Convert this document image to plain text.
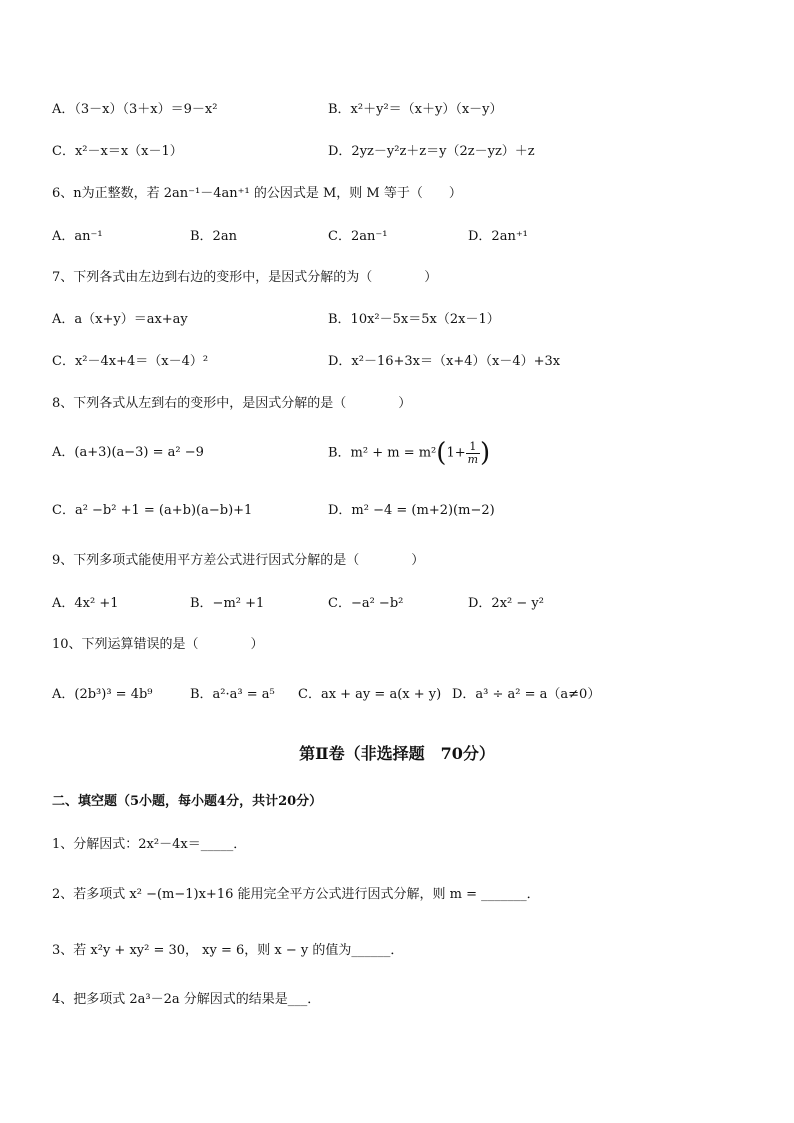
A．（3－x）（3＋x）＝9－x²	B．x²＋y²＝（x＋y）（x－y）
C．x²－x＝x（x－1）	D．2yz－y²z＋z＝y（2z－yz）＋z
6、n为正整数，若 2an⁻¹－4an⁺¹ 的公因式是 M，则 M 等于（　　）
A．an⁻¹	B．2an	C．2an⁻¹	D．2an⁺¹
7、下列各式由左边到右边的变形中，是因式分解的为（　　　　）
A．a（x+y）＝ax+ay	B．10x²－5x＝5x（2x－1）
C．x²－4x+4＝（x－4）²	D．x²－16+3x＝（x+4）（x－4）+3x
8、下列各式从左到右的变形中，是因式分解的是（　　　　）
A．(a+3)(a−3) = a² −9	B．$m^2 + m = m^2(1+ \frac{1}{m}$ )
C．a² −b² +1 = (a+b)(a−b)+1	D．m² −4 = (m+2)(m−2)
9、下列多项式能使用平方差公式进行因式分解的是（　　　　）
A．4x² +1	B．−m² +1	C．−a² −b²	D．2x² − y²
10、下列运算错误的是（　　　　）
A．(2b³)³ = 4b⁹	B．a²·a³ = a⁵ C．ax + ay = a(x + y) D．a³ ÷ a² = a（a≠0）
第Ⅱ卷（非选择题　70分）
二、填空题（5小题，每小题4分，共计20分）
1、分解因式：2x²－4x＝_____．
2、若多项式 x² −(m−1)x+16 能用完全平方公式进行因式分解，则 m = _______．
3、若 x²y + xy² = 30， xy = 6，则 x − y 的值为______．
4、把多项式 2a³－2a 分解因式的结果是___．
